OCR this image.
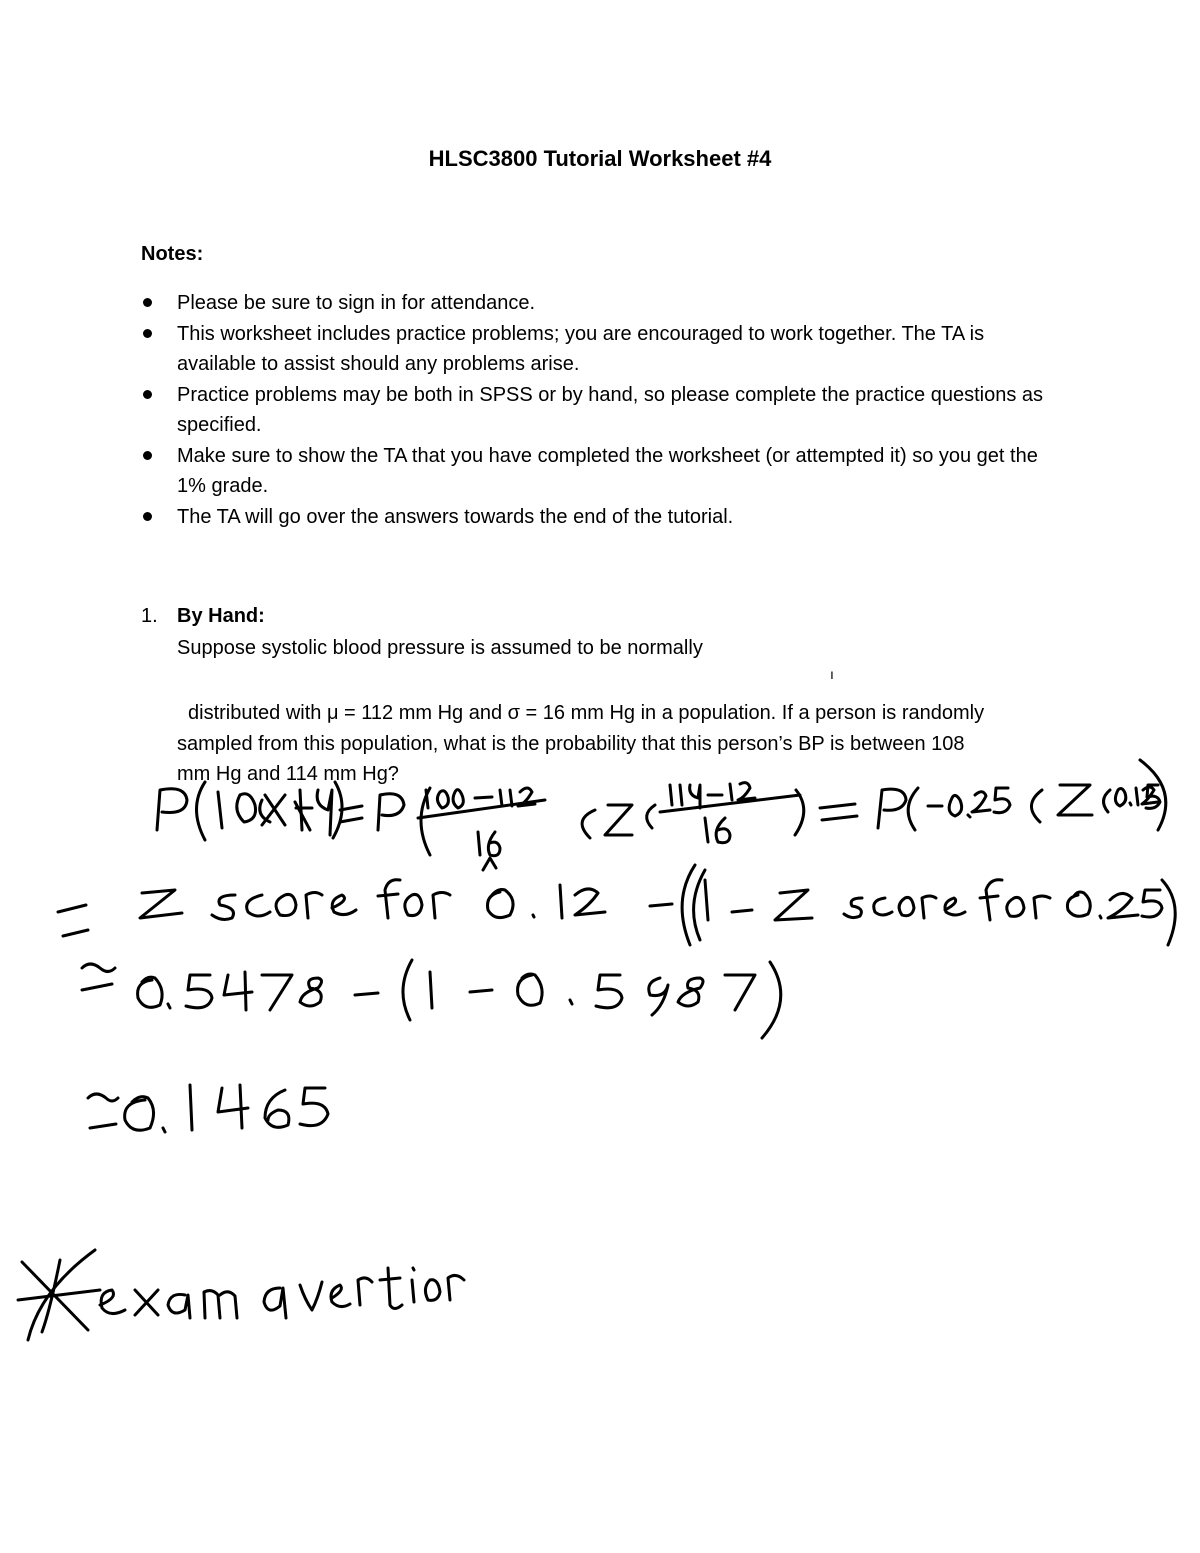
HLSC3800 Tutorial Worksheet #4
Notes:
Please be sure to sign in for attendance.
This worksheet includes practice problems; you are encouraged to work together. The TA is available to assist should any problems arise.
Practice problems may be both in SPSS or by hand, so please complete the practice questions as specified.
Make sure to show the TA that you have completed the worksheet (or attempted it) so you get the 1% grade.
The TA will go over the answers towards the end of the tutorial.
1. By Hand:
Suppose systolic blood pressure is assumed to be normally
ı
distributed with μ = 112 mm Hg and σ = 16 mm Hg in a population. If a person is randomly
sampled from this population, what is the probability that this person’s BP is between 108
mm Hg and 114 mm Hg?
